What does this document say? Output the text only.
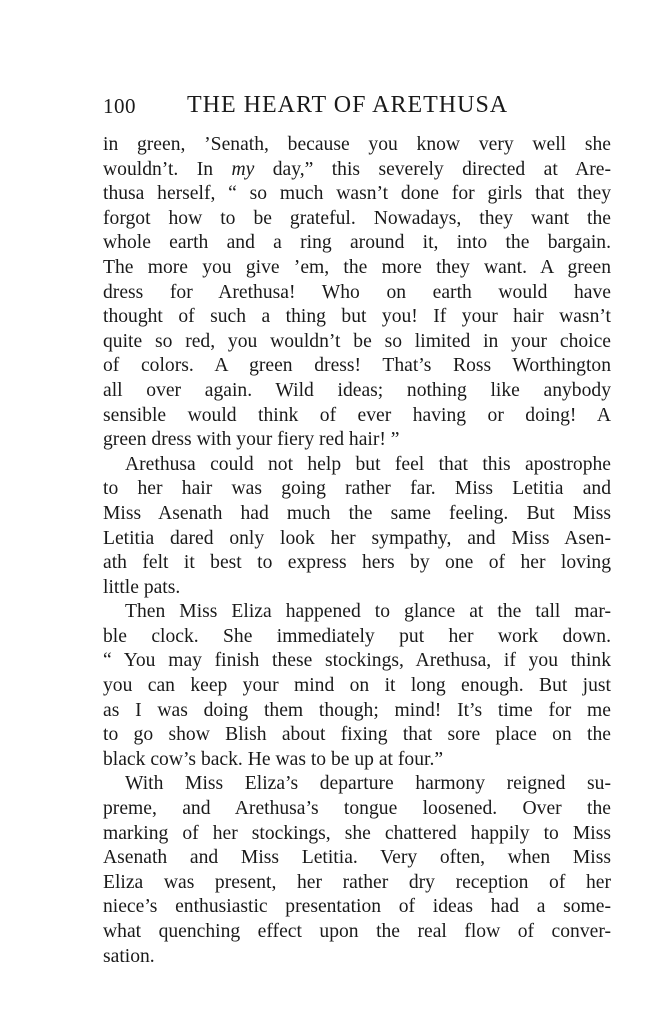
100 THE HEART OF ARETHUSA
in green, ’Senath, because you know very well she
wouldn’t. In my day,” this severely directed at Are-
thusa herself, “ so much wasn’t done for girls that they
forgot how to be grateful. Nowadays, they want the
whole earth and a ring around it, into the bargain.
The more you give ’em, the more they want. A green
dress for Arethusa! Who on earth would have
thought of such a thing but you! If your hair wasn’t
quite so red, you wouldn’t be so limited in your choice
of colors. A green dress! That’s Ross Worthington
all over again. Wild ideas; nothing like anybody
sensible would think of ever having or doing! A
green dress with your fiery red hair! ”
Arethusa could not help but feel that this apostrophe
to her hair was going rather far. Miss Letitia and
Miss Asenath had much the same feeling. But Miss
Letitia dared only look her sympathy, and Miss Asen-
ath felt it best to express hers by one of her loving
little pats.
Then Miss Eliza happened to glance at the tall mar-
ble clock. She immediately put her work down.
“ You may finish these stockings, Arethusa, if you think
you can keep your mind on it long enough. But just
as I was doing them though; mind! It’s time for me
to go show Blish about fixing that sore place on the
black cow’s back. He was to be up at four.”
With Miss Eliza’s departure harmony reigned su-
preme, and Arethusa’s tongue loosened. Over the
marking of her stockings, she chattered happily to Miss
Asenath and Miss Letitia. Very often, when Miss
Eliza was present, her rather dry reception of her
niece’s enthusiastic presentation of ideas had a some-
what quenching effect upon the real flow of conver-
sation.
